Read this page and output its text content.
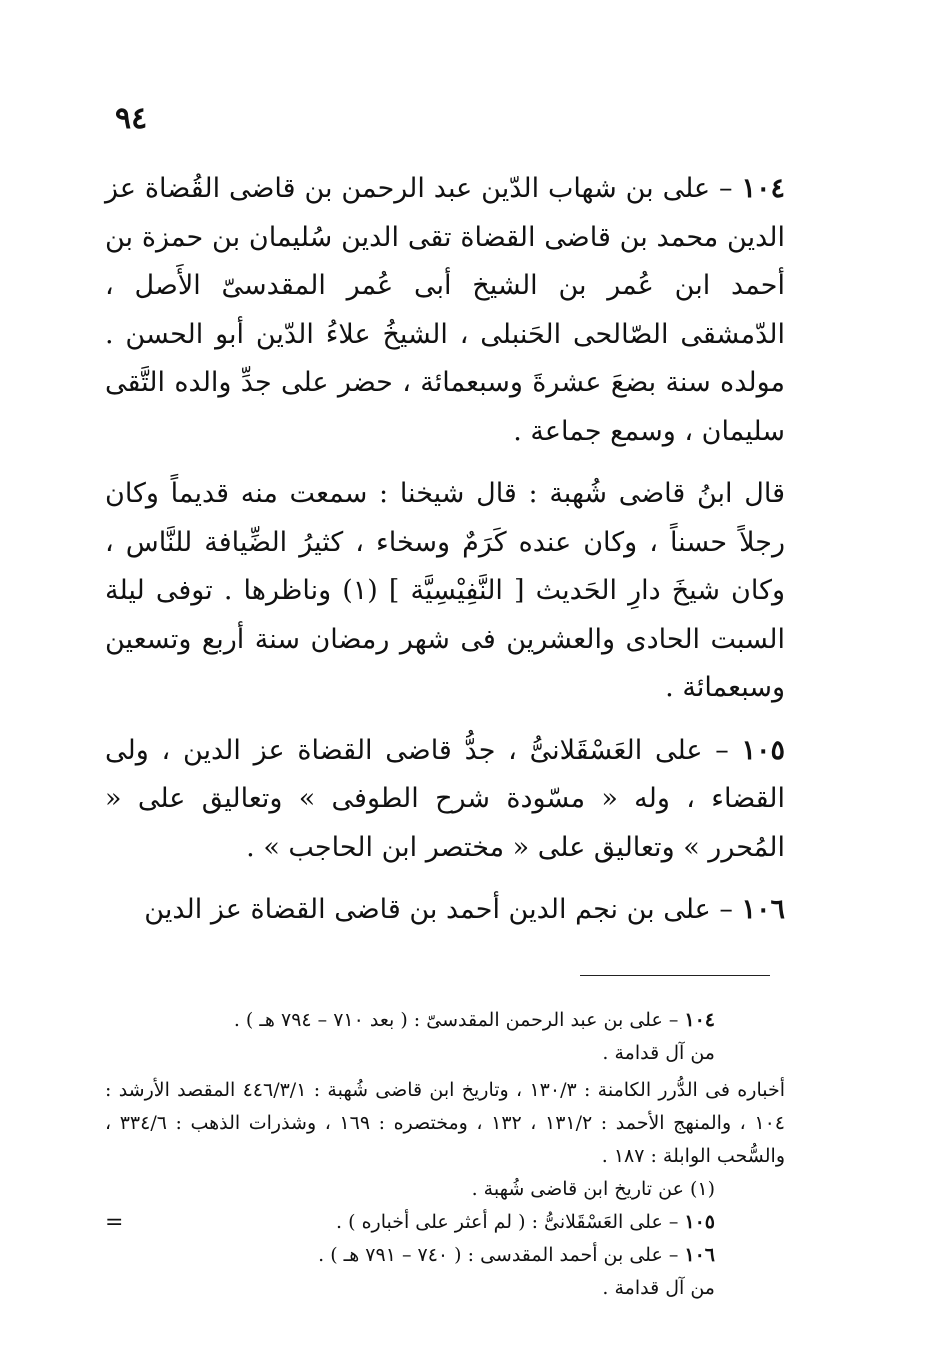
٩٤

١٠٤ – على بن شهاب الدّين عبد الرحمن بن قاضى القُضاة عز الدين محمد بن قاضى القضاة تقى الدين سُليمان بن حمزة بن أحمد ابن عُمر بن الشيخ أبى عُمر المقدسىّ الأَصل ، الدّمشقى الصّالحى الحَنبلى ، الشيخُ علاءُ الدّين أبو الحسن . مولده سنة بضعَ عشرةَ وسبعمائة ، حضر على جدِّ والده التَّقى سليمان ، وسمع جماعة .

قال ابنُ قاضى شُهبة : قال شيخنا : سمعت منه قديماً وكان رجلاً حسناً ، وكان عنده كَرَمٌ وسخاء ، كثيرُ الضِّيافة للنَّاس ، وكان شيخَ دارِ الحَديث [ النَّفِيْسِيَّة ] (١) وناظرها . توفى ليلة السبت الحادى والعشرين فى شهر رمضان سنة أربع وتسعين وسبعمائة .

١٠٥ – على العَسْقَلانىُّ ، جدُّ قاضى القضاة عز الدين ، ولى القضاء ، وله « مسّودة شرح الطوفى » وتعاليق على « المُحرر » وتعاليق على « مختصر ابن الحاجب » .

١٠٦ – على بن نجم الدين أحمد بن قاضى القضاة عز الدين

١٠٤ – على بن عبد الرحمن المقدسىّ : ( بعد ٧١٠ – ٧٩٤ هـ ) .

من آل قدامة .

أخباره فى الدُّرر الكامنة : ١٣٠/٣ ، وتاريخ ابن قاضى شُهبة : ٤٤٦/٣/١ المقصد الأرشد : ١٠٤ ، والمنهج الأحمد : ١٣١/٢ ، ١٣٢ ، ومختصره : ١٦٩ ، وشذرات الذهب : ٣٣٤/٦ ، والسُّحب الوابلة : ١٨٧ .

(١) عن تاريخ ابن قاضى شُهبة .

١٠٥ – على العَسْقَلانىُّ : ( لم أعثر على أخباره ) .

١٠٦ – على بن أحمد المقدسى : ( ٧٤٠ – ٧٩١ هـ ) .

من آل قدامة .

=
